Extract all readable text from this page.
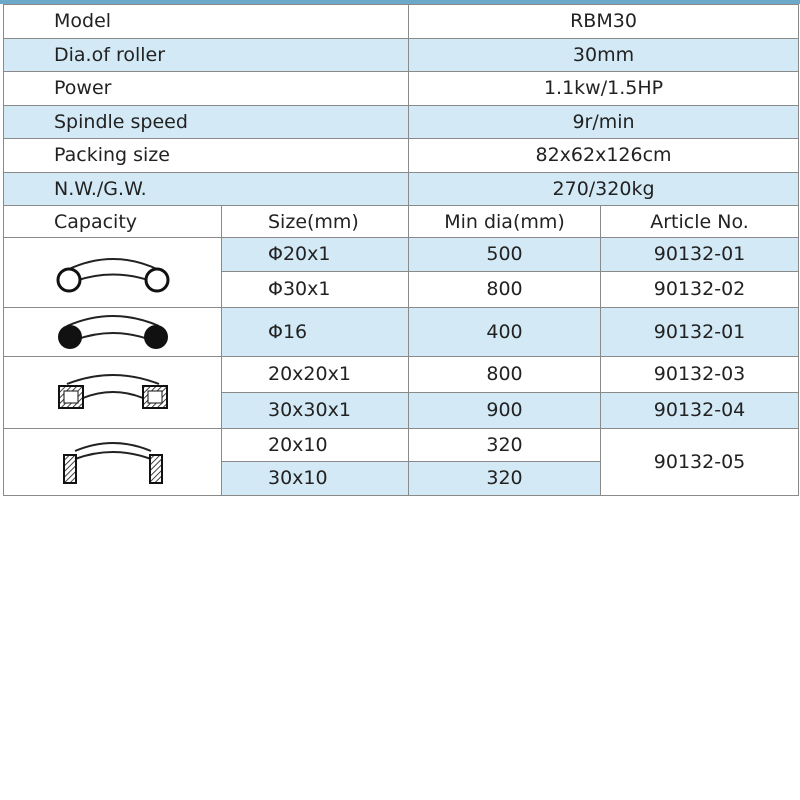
Model		RBM30	
Dia.of roller		30mm	
Power		1.1kw/1.5HP	
Spindle speed		9r/min	
Packing size		82x62x126cm	
N.W./G.W.		270/320kg	
Capacity	Size(mm)	Min dia(mm)	Article No.

	Φ20x1	500	90132-01
	Φ30x1	800	90132-02

	Φ16	400	90132-01

	20x20x1	800	90132-03
	30x30x1	900	90132-04

	20x10	320	90132-05
	30x10	320	
